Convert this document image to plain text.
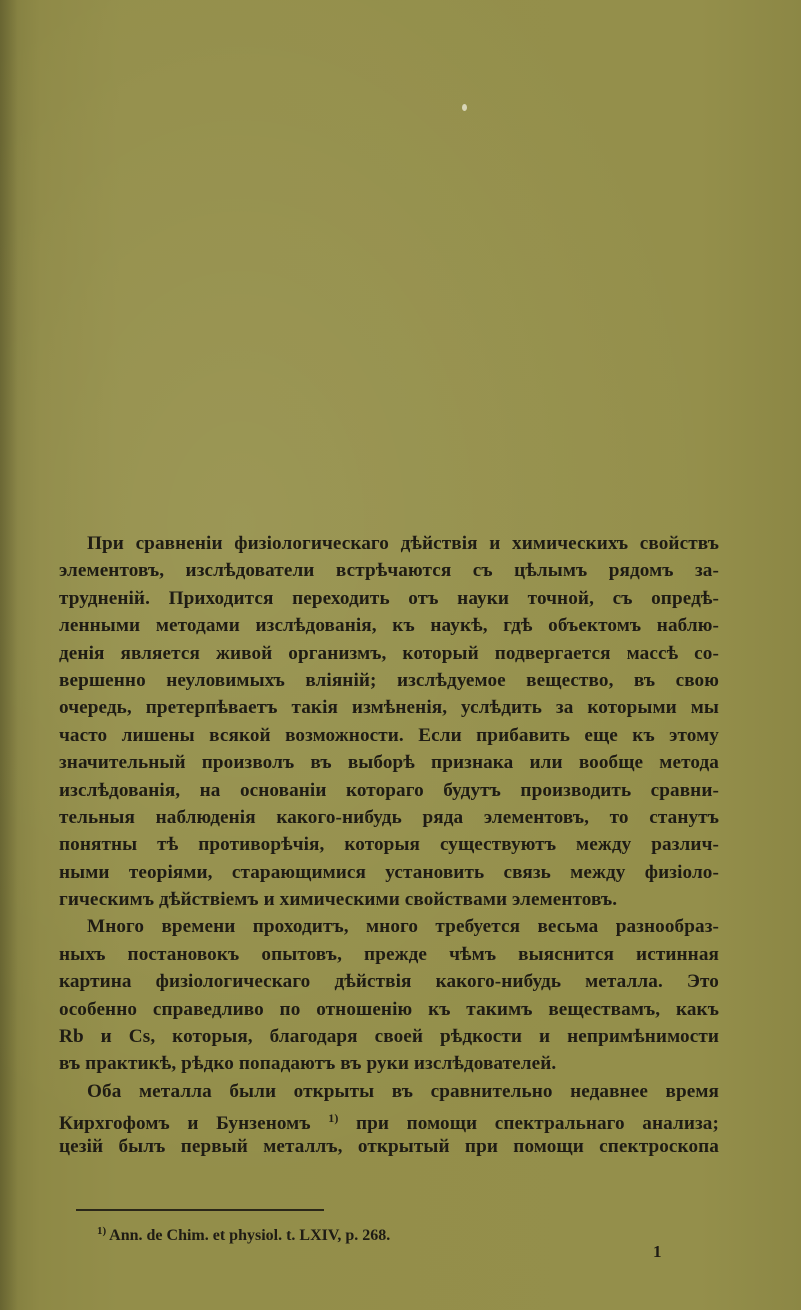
При сравненіи физіологическаго дѣйствія и химическихъ свойствъ
элементовъ, изслѣдователи встрѣчаются съ цѣлымъ рядомъ за-
трудненій. Приходится переходить отъ науки точной, съ опредѣ-
ленными методами изслѣдованія, къ наукѣ, гдѣ объектомъ наблю-
денія является живой организмъ, который подвергается массѣ со-
вершенно неуловимыхъ вліяній; изслѣдуемое вещество, въ свою
очередь, претерпѣваетъ такія измѣненія, услѣдить за которыми мы
часто лишены всякой возможности. Если прибавить еще къ этому
значительный произволъ въ выборѣ признака или вообще метода
изслѣдованія, на основаніи котораго будутъ производить сравни-
тельныя наблюденія какого-нибудь ряда элементовъ, то станутъ
понятны тѣ противорѣчія, которыя существуютъ между различ-
ными теоріями, старающимися установить связь между физіоло-
гическимъ дѣйствіемъ и химическими свойствами элементовъ.
Много времени проходитъ, много требуется весьма разнообраз-
ныхъ постановокъ опытовъ, прежде чѣмъ выяснится истинная
картина физіологическаго дѣйствія какого-нибудь металла. Это
особенно справедливо по отношенію къ такимъ веществамъ, какъ
Rb и Cs, которыя, благодаря своей рѣдкости и непримѣнимости
въ практикѣ, рѣдко попадаютъ въ руки изслѣдователей.
Оба металла были открыты въ сравнительно недавнее время
Кирхгофомъ и Бунзеномъ $^{1)}$ при помощи спектральнаго анализа;
цезій былъ первый металлъ, открытый при помощи спектроскопа
$^{1)}$ Ann. de Chim. et physiol. t. LXIV, p. 268.
1
